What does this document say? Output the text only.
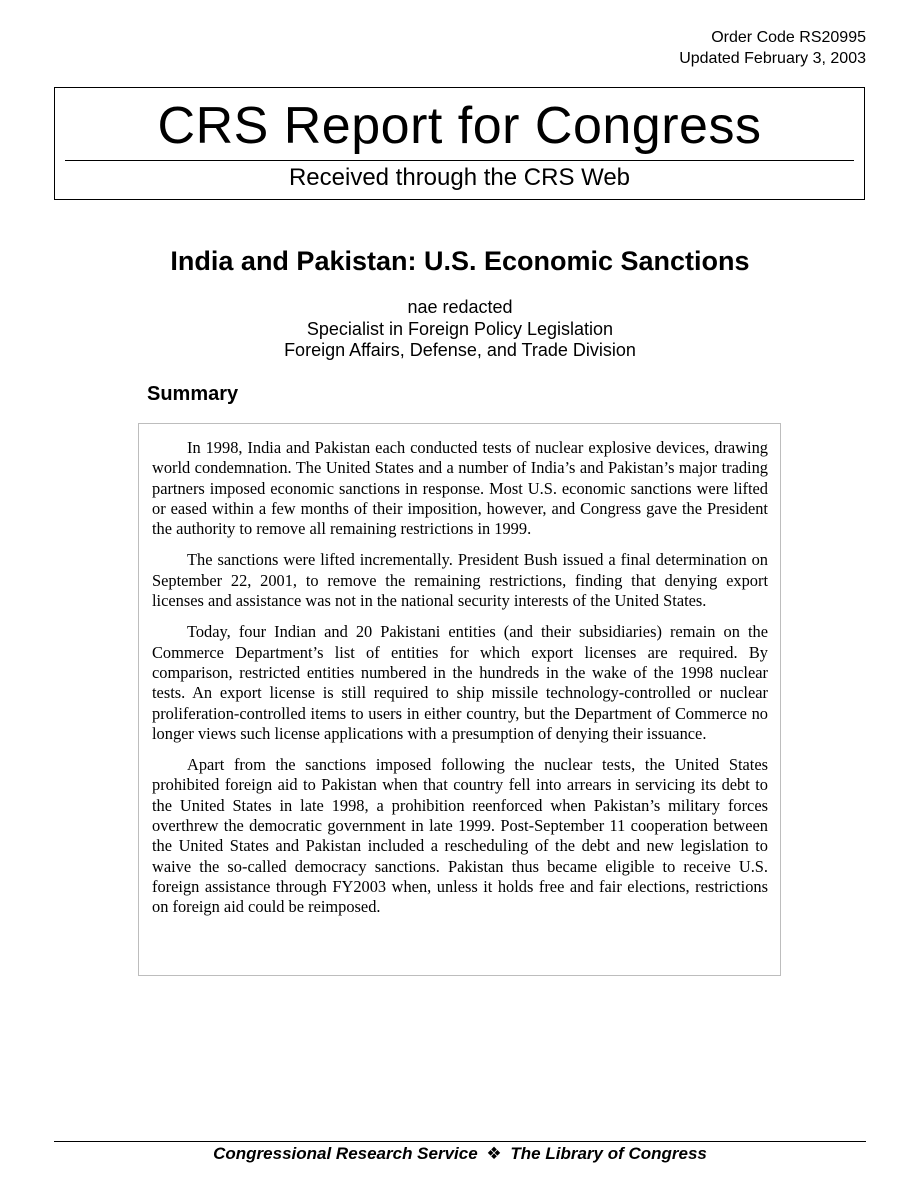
Order Code RS20995
Updated February 3, 2003
CRS Report for Congress
Received through the CRS Web
India and Pakistan: U.S. Economic Sanctions
nae redacted
Specialist in Foreign Policy Legislation
Foreign Affairs, Defense, and Trade Division
Summary

In 1998, India and Pakistan each conducted tests of nuclear explosive devices, drawing world condemnation. The United States and a number of India’s and Pakistan’s major trading partners imposed economic sanctions in response. Most U.S. economic sanctions were lifted or eased within a few months of their imposition, however, and Congress gave the President the authority to remove all remaining restrictions in 1999.

The sanctions were lifted incrementally. President Bush issued a final determination on September 22, 2001, to remove the remaining restrictions, finding that denying export licenses and assistance was not in the national security interests of the United States.

Today, four Indian and 20 Pakistani entities (and their subsidiaries) remain on the Commerce Department’s list of entities for which export licenses are required. By comparison, restricted entities numbered in the hundreds in the wake of the 1998 nuclear tests. An export license is still required to ship missile technology-controlled or nuclear proliferation-controlled items to users in either country, but the Department of Commerce no longer views such license applications with a presumption of denying their issuance.

Apart from the sanctions imposed following the nuclear tests, the United States prohibited foreign aid to Pakistan when that country fell into arrears in servicing its debt to the United States in late 1998, a prohibition reenforced when Pakistan’s military forces overthrew the democratic government in late 1999. Post-September 11 cooperation between the United States and Pakistan included a rescheduling of the debt and new legislation to waive the so-called democracy sanctions. Pakistan thus became eligible to receive U.S. foreign assistance through FY2003 when, unless it holds free and fair elections, restrictions on foreign aid could be reimposed.

Congressional Research Service ❖ The Library of Congress
